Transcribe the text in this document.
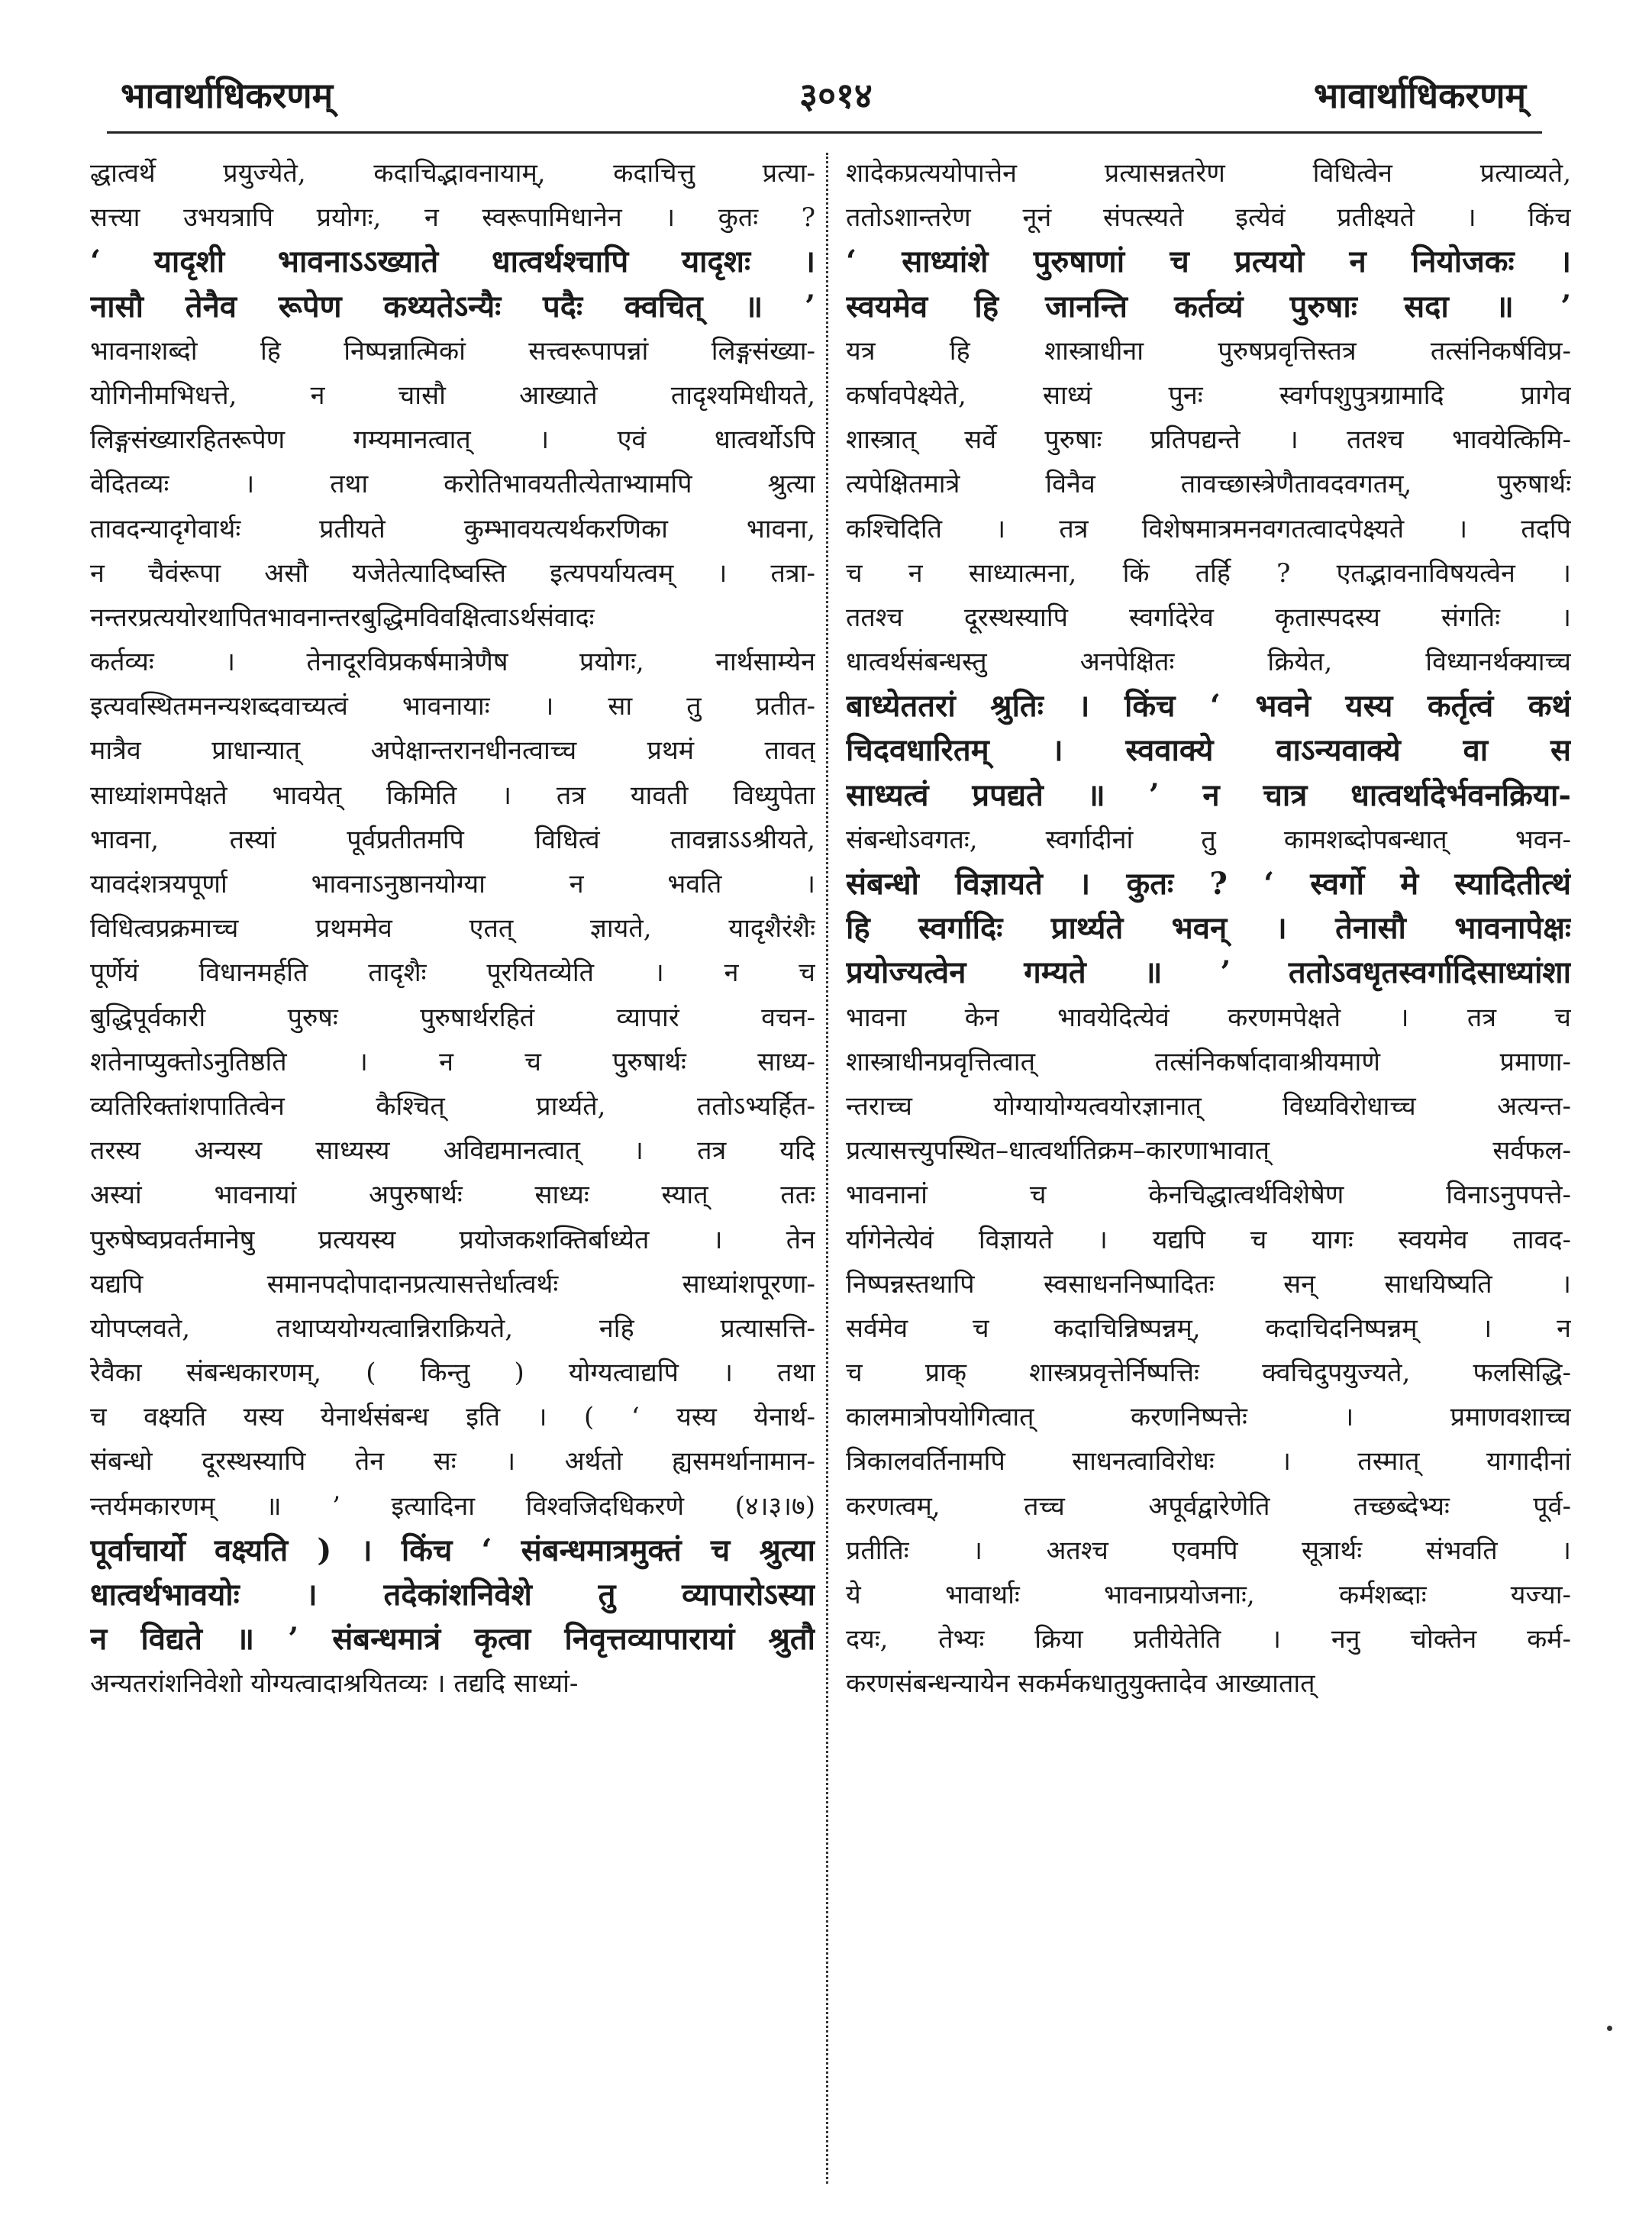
भावार्थाधिकरणम्	३०१४	भावार्थाधिकरणम्
द्धात्वर्थे प्रयुज्येते, कदाचिद्भावनायाम्, कदाचित्तु प्रत्या-
सत्त्या उभयत्रापि प्रयोगः, न स्वरूपामिधानेन । कुतः ?
‘ यादृशी भावनाऽऽख्याते धात्वर्थश्चापि यादृशः ।
नासौ तेनैव रूपेण कथ्यतेऽन्यैः पदैः क्वचित् ॥ ’
भावनाशब्दो हि निष्पन्नात्मिकां सत्त्वरूपापन्नां लिङ्गसंख्या-
योगिनीमभिधत्ते, न चासौ आख्याते तादृश्यमिधीयते,
लिङ्गसंख्यारहितरूपेण गम्यमानत्वात् । एवं धात्वर्थोऽपि
वेदितव्यः । तथा करोतिभावयतीत्येताभ्यामपि श्रुत्या
तावदन्यादृगेवार्थः प्रतीयते कुम्भावयत्यर्थकरणिका भावना,
न चैवंरूपा असौ यजेतेत्यादिष्वस्ति इत्यपर्यायत्वम् । तत्रा-
नन्तरप्रत्ययोरथापितभावनान्तरबुद्धिमविवक्षित्वाऽर्थसंवादः
कर्तव्यः । तेनादूरविप्रकर्षमात्रेणैष प्रयोगः, नार्थसाम्येन
इत्यवस्थितमनन्यशब्दवाच्यत्वं भावनायाः । सा तु प्रतीत-
मात्रैव प्राधान्यात् अपेक्षान्तरानधीनत्वाच्च प्रथमं तावत्
साध्यांशमपेक्षते भावयेत् किमिति । तत्र यावती विध्युपेता
भावना, तस्यां पूर्वप्रतीतमपि विधित्वं तावन्नाऽऽश्रीयते,
यावदंशत्रयपूर्णा भावनाऽनुष्ठानयोग्या न भवति ।
विधित्वप्रक्रमाच्च प्रथममेव एतत् ज्ञायते, यादृशैरंशैः
पूर्णेयं विधानमर्हति तादृशैः पूरयितव्येति । न च
बुद्धिपूर्वकारी पुरुषः पुरुषार्थरहितं व्यापारं वचन-
शतेनाप्युक्तोऽनुतिष्ठति । न च पुरुषार्थः साध्य-
व्यतिरिक्तांशपातित्वेन कैश्चित् प्रार्थ्यते, ततोऽभ्यर्हित-
तरस्य अन्यस्य साध्यस्य अविद्यमानत्वात् । तत्र यदि
अस्यां भावनायां अपुरुषार्थः साध्यः स्यात् ततः
पुरुषेष्वप्रवर्तमानेषु प्रत्ययस्य प्रयोजकशक्तिर्बाध्येत । तेन
यद्यपि समानपदोपादानप्रत्यासत्तेर्धात्वर्थः साध्यांशपूरणा-
योपप्लवते, तथाप्ययोग्यत्वान्निराक्रियते, नहि प्रत्यासत्ति-
रेवैका संबन्धकारणम्, ( किन्तु ) योग्यत्वाद्यपि । तथा
च वक्ष्यति यस्य येनार्थसंबन्ध इति । ( ‘ यस्य येनार्थ-
संबन्धो दूरस्थस्यापि तेन सः । अर्थतो ह्यसमर्थानामान-
न्तर्यमकारणम् ॥ ’ इत्यादिना विश्वजिदधिकरणे (४।३।७)
पूर्वाचार्यो वक्ष्यति ) । किंच ‘ संबन्धमात्रमुक्तं च श्रुत्या
धात्वर्थभावयोः । तदेकांशनिवेशे तु व्यापारोऽस्या
न विद्यते ॥ ’ संबन्धमात्रं कृत्वा निवृत्तव्यापारायां श्रुतौ
अन्यतरांशनिवेशो योग्यत्वादाश्रयितव्यः । तद्यदि साध्यां-
शादेकप्रत्ययोपात्तेन प्रत्यासन्नतरेण विधित्वेन प्रत्याव्यते,
ततोऽशान्तरेण नूनं संपत्स्यते इत्येवं प्रतीक्ष्यते । किंच
‘ साध्यांशे पुरुषाणां च प्रत्ययो न नियोजकः ।
स्वयमेव हि जानन्ति कर्तव्यं पुरुषाः सदा ॥ ’
यत्र हि शास्त्राधीना पुरुषप्रवृत्तिस्तत्र तत्संनिकर्षविप्र-
कर्षावपेक्ष्येते, साध्यं पुनः स्वर्गपशुपुत्रग्रामादि प्रागेव
शास्त्रात् सर्वे पुरुषाः प्रतिपद्यन्ते । ततश्च भावयेत्किमि-
त्यपेक्षितमात्रे विनैव तावच्छास्त्रेणैतावदवगतम्, पुरुषार्थः
कश्चिदिति । तत्र विशेषमात्रमनवगतत्वादपेक्ष्यते । तदपि
च न साध्यात्मना, किं तर्हि ? एतद्भावनाविषयत्वेन ।
ततश्च दूरस्थस्यापि स्वर्गादेरेव कृतास्पदस्य संगतिः ।
धात्वर्थसंबन्धस्तु अनपेक्षितः क्रियेत, विध्यानर्थक्याच्च
बाध्येततरां श्रुतिः । किंच ‘ भवने यस्य कर्तृत्वं कथं
चिदवधारितम् । स्ववाक्ये वाऽन्यवाक्ये वा स
साध्यत्वं प्रपद्यते ॥ ’ न चात्र धात्वर्थादेर्भवनक्रिया-
संबन्धोऽवगतः, स्वर्गादीनां तु कामशब्दोपबन्धात् भवन-
संबन्धो विज्ञायते । कुतः ? ‘ स्वर्गो मे स्यादितीत्थं
हि स्वर्गादिः प्रार्थ्यते भवन् । तेनासौ भावनापेक्षः
प्रयोज्यत्वेन गम्यते ॥ ’ ततोऽवधृतस्वर्गादिसाध्यांशा
भावना केन भावयेदित्येवं करणमपेक्षते । तत्र च
शास्त्राधीनप्रवृत्तित्वात् तत्संनिकर्षादावाश्रीयमाणे प्रमाणा-
न्तराच्च योग्यायोग्यत्वयोरज्ञानात् विध्यविरोधाच्च अत्यन्त-
प्रत्यासत्त्युपस्थित–धात्वर्थातिक्रम–कारणाभावात् सर्वफल-
भावनानां च केनचिद्धात्वर्थविशेषेण विनाऽनुपपत्ते-
र्यागेनेत्येवं विज्ञायते । यद्यपि च यागः स्वयमेव तावद-
निष्पन्नस्तथापि स्वसाधननिष्पादितः सन् साधयिष्यति ।
सर्वमेव च कदाचिन्निष्पन्नम्, कदाचिदनिष्पन्नम् । न
च प्राक् शास्त्रप्रवृत्तेर्निष्पत्तिः क्वचिदुपयुज्यते, फलसिद्धि-
कालमात्रोपयोगित्वात् करणनिष्पत्तेः । प्रमाणवशाच्च
त्रिकालवर्तिनामपि साधनत्वाविरोधः । तस्मात् यागादीनां
करणत्वम्, तच्च अपूर्वद्वारेणेति तच्छब्देभ्यः पूर्व-
प्रतीतिः । अतश्च एवमपि सूत्रार्थः संभवति ।
ये भावार्थाः भावनाप्रयोजनाः, कर्मशब्दाः यज्या-
दयः, तेभ्यः क्रिया प्रतीयेतेति । ननु चोक्तेन कर्म-
करणसंबन्धन्यायेन सकर्मकधातुयुक्तादेव आख्यातात्
